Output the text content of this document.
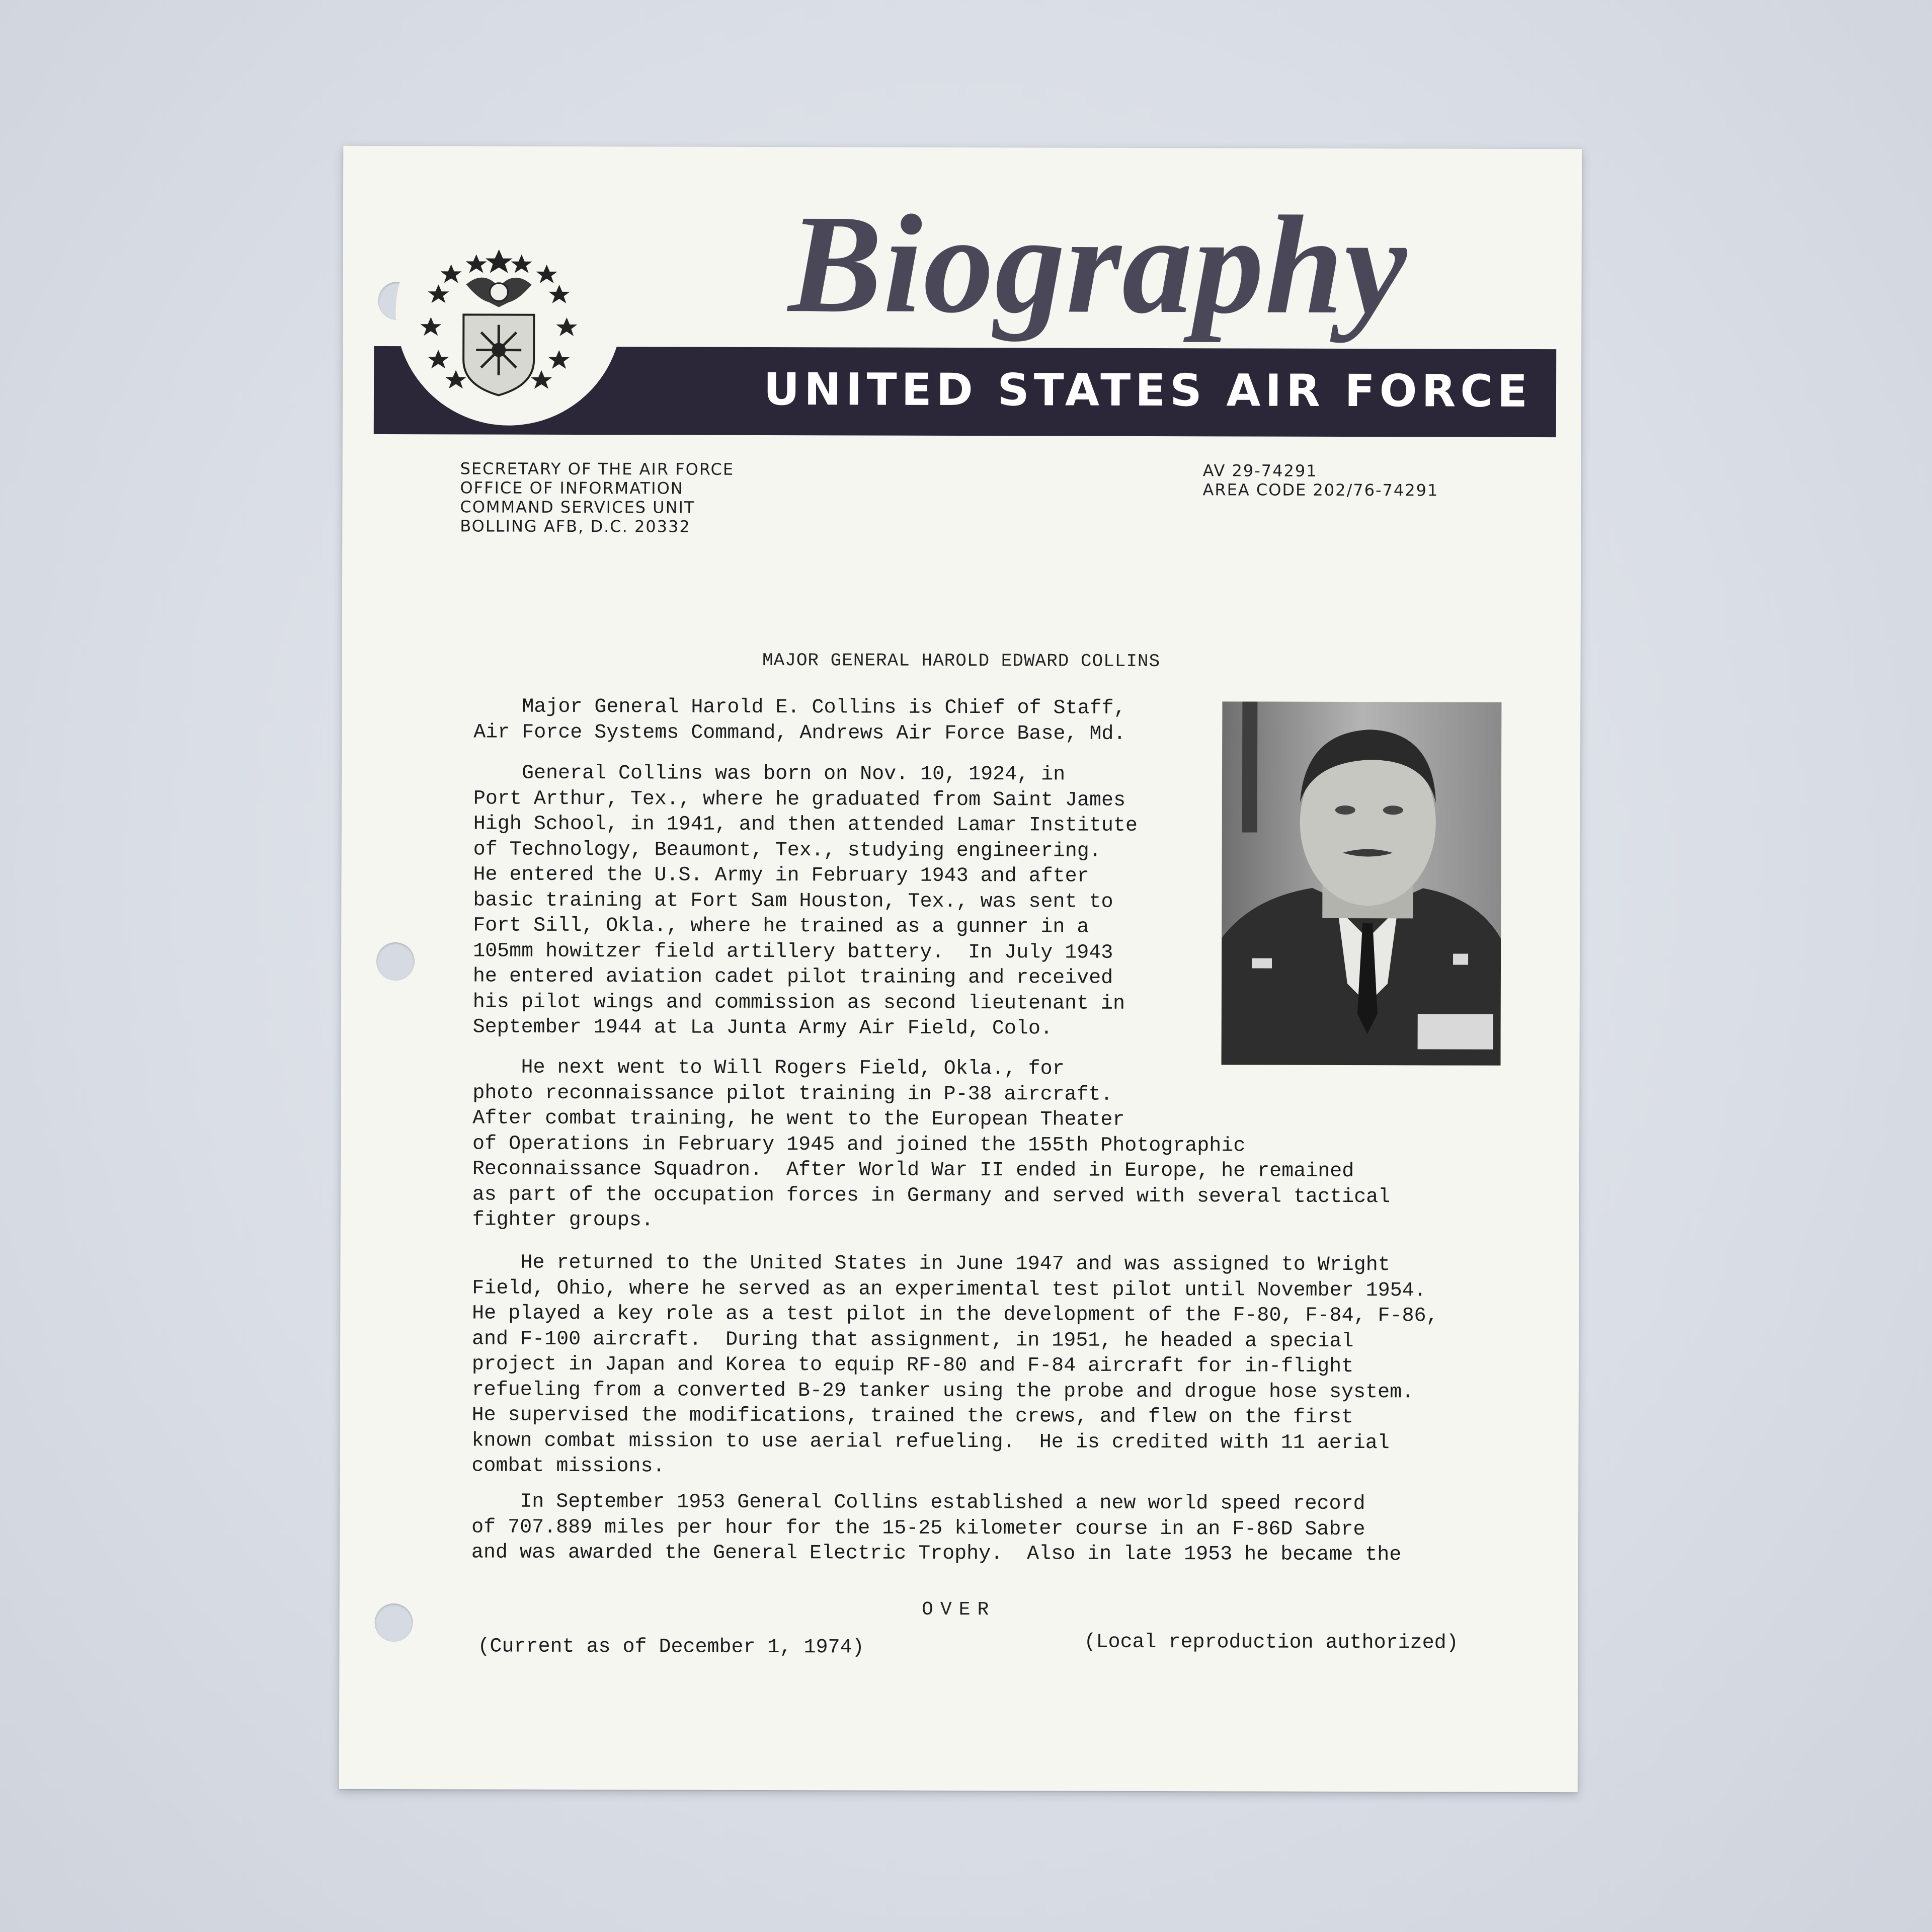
UNITED STATES AIR FORCE
Biography
SECRETARY OF THE AIR FORCE
OFFICE OF INFORMATION
COMMAND SERVICES UNIT
BOLLING AFB, D.C. 20332
AV 29-74291
AREA CODE 202/76-74291
MAJOR GENERAL HAROLD EDWARD COLLINS
Major General Harold E. Collins is Chief of Staff,
Air Force Systems Command, Andrews Air Force Base, Md.
General Collins was born on Nov. 10, 1924, in
Port Arthur, Tex., where he graduated from Saint James
High School, in 1941, and then attended Lamar Institute
of Technology, Beaumont, Tex., studying engineering.
He entered the U.S. Army in February 1943 and after
basic training at Fort Sam Houston, Tex., was sent to
Fort Sill, Okla., where he trained as a gunner in a
105mm howitzer field artillery battery.  In July 1943
he entered aviation cadet pilot training and received
his pilot wings and commission as second lieutenant in
September 1944 at La Junta Army Air Field, Colo.
He next went to Will Rogers Field, Okla., for
photo reconnaissance pilot training in P-38 aircraft.
After combat training, he went to the European Theater
of Operations in February 1945 and joined the 155th Photographic
Reconnaissance Squadron.  After World War II ended in Europe, he remained
as part of the occupation forces in Germany and served with several tactical
fighter groups.
He returned to the United States in June 1947 and was assigned to Wright
Field, Ohio, where he served as an experimental test pilot until November 1954.
He played a key role as a test pilot in the development of the F-80, F-84, F-86,
and F-100 aircraft.  During that assignment, in 1951, he headed a special
project in Japan and Korea to equip RF-80 and F-84 aircraft for in-flight
refueling from a converted B-29 tanker using the probe and drogue hose system.
He supervised the modifications, trained the crews, and flew on the first
known combat mission to use aerial refueling.  He is credited with 11 aerial
combat missions.
In September 1953 General Collins established a new world speed record
of 707.889 miles per hour for the 15-25 kilometer course in an F-86D Sabre
and was awarded the General Electric Trophy.  Also in late 1953 he became the
OVER
(Current as of December 1, 1974)	(Local reproduction authorized)
